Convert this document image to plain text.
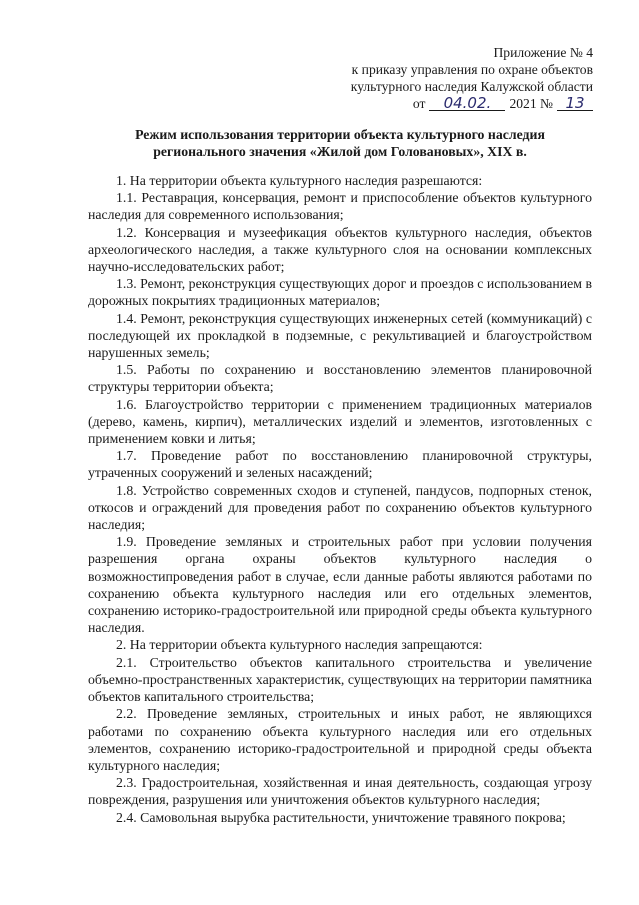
Приложение № 4
к приказу управления по охране объектов
культурного наследия Калужской области
от	04.02.	2021 № 13
Режим использования территории объекта культурного наследия
регионального значения «Жилой дом Головановых», XIX в.

1. На территории объекта культурного наследия разрешаются:

1.1. Реставрация, консервация, ремонт и приспособление объектов культурного наследия для современного использования;

1.2. Консервация и музеефикация объектов культурного наследия, объектов археологического наследия, а также культурного слоя на основании комплексных научно-исследовательских работ;

1.3. Ремонт, реконструкция существующих дорог и проездов с использованием в дорожных покрытиях традиционных материалов;

1.4. Ремонт, реконструкция существующих инженерных сетей (коммуникаций) с последующей их прокладкой в подземные, с рекультивацией и благоустройством нарушенных земель;

1.5. Работы по сохранению и восстановлению элементов планировочной структуры территории объекта;

1.6. Благоустройство территории с применением традиционных материалов (дерево, камень, кирпич), металлических изделий и элементов, изготовленных с применением ковки и литья;

1.7. Проведение работ по восстановлению планировочной структуры, утраченных сооружений и зеленых насаждений;

1.8. Устройство современных сходов и ступеней, пандусов, подпорных стенок, откосов и ограждений для проведения работ по сохранению объектов культурного наследия;

1.9. Проведение земляных и строительных работ при условии получения разрешения органа охраны объектов культурного наследия о возможностипроведения работ в случае, если данные работы являются работами по сохранению объекта культурного наследия или его отдельных элементов, сохранению историко-градостроительной или природной среды объекта культурного наследия.

2. На территории объекта культурного наследия запрещаются:

2.1. Строительство объектов капитального строительства и увеличение объемно-пространственных характеристик, существующих на территории памятника объектов капитального строительства;

2.2. Проведение земляных, строительных и иных работ, не являющихся работами по сохранению объекта культурного наследия или его отдельных элементов, сохранению историко-градостроительной и природной среды объекта культурного наследия;

2.3. Градостроительная, хозяйственная и иная деятельность, создающая угрозу повреждения, разрушения или уничтожения объектов культурного наследия;

2.4. Самовольная вырубка растительности, уничтожение травяного покрова;
